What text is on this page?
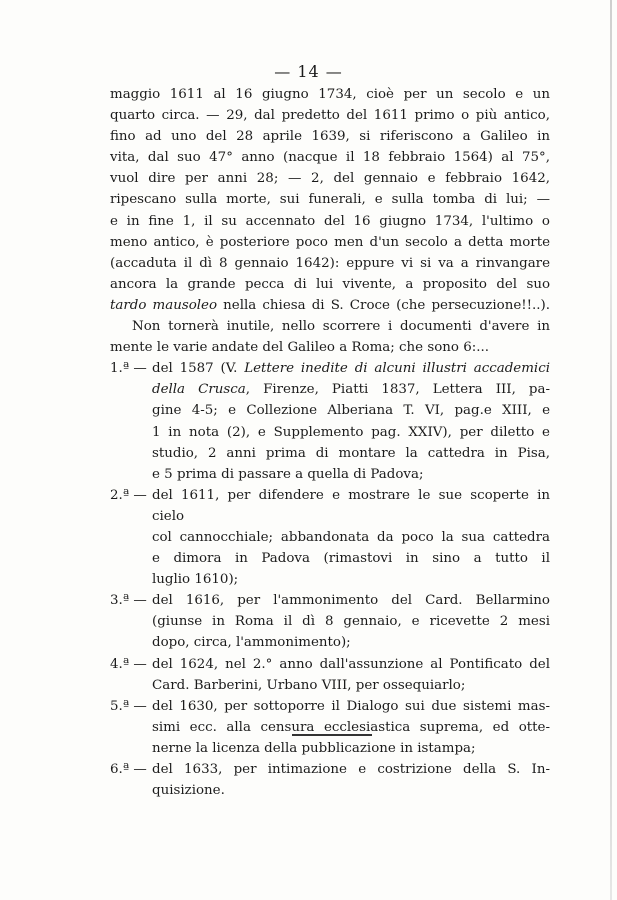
— 14 —
maggio 1611 al 16 giugno 1734, cioè per un secolo e un
quarto circa. — 29, dal predetto del 1611 primo o più antico,
fino ad uno del 28 aprile 1639, si riferiscono a Galileo in
vita, dal suo 47° anno (nacque il 18 febbraio 1564) al 75°,
vuol dire per anni 28; — 2, del gennaio e febbraio 1642,
ripescano sulla morte, sui funerali, e sulla tomba di lui; —
e in fine 1, il su accennato del 16 giugno 1734, l'ultimo o
meno antico, è posteriore poco men d'un secolo a detta morte
(accaduta il dì 8 gennaio 1642): eppure vi si va a rinvangare
ancora la grande pecca di lui vivente, a proposito del suo
tardo mausoleo nella chiesa di S. Croce (che persecuzione!!..).
Non tornerà inutile, nello scorrere i documenti d'avere in
mente le varie andate del Galileo a Roma; che sono 6:...
1.ª — del 1587 (V. Lettere inedite di alcuni illustri accademici
della Crusca, Firenze, Piatti 1837, Lettera III, pa-
gine 4-5; e Collezione Alberiana T. VI, pag.e XIII, e
1 in nota (2), e Supplemento pag. XXIV), per diletto e
studio, 2 anni prima di montare la cattedra in Pisa,
e 5 prima di passare a quella di Padova;
2.ª — del 1611, per difendere e mostrare le sue scoperte in cielo
col cannocchiale; abbandonata da poco la sua cattedra
e dimora in Padova (rimastovi in sino a tutto il
luglio 1610);
3.ª — del 1616, per l'ammonimento del Card. Bellarmino
(giunse in Roma il dì 8 gennaio, e ricevette 2 mesi
dopo, circa, l'ammonimento);
4.ª — del 1624, nel 2.° anno dall'assunzione al Pontificato del
Card. Barberini, Urbano VIII, per ossequiarlo;
5.ª — del 1630, per sottoporre il Dialogo sui due sistemi mas-
simi ecc. alla censura ecclesiastica suprema, ed otte-
nerne la licenza della pubblicazione in istampa;
6.ª — del 1633, per intimazione e costrizione della S. In-
quisizione.
